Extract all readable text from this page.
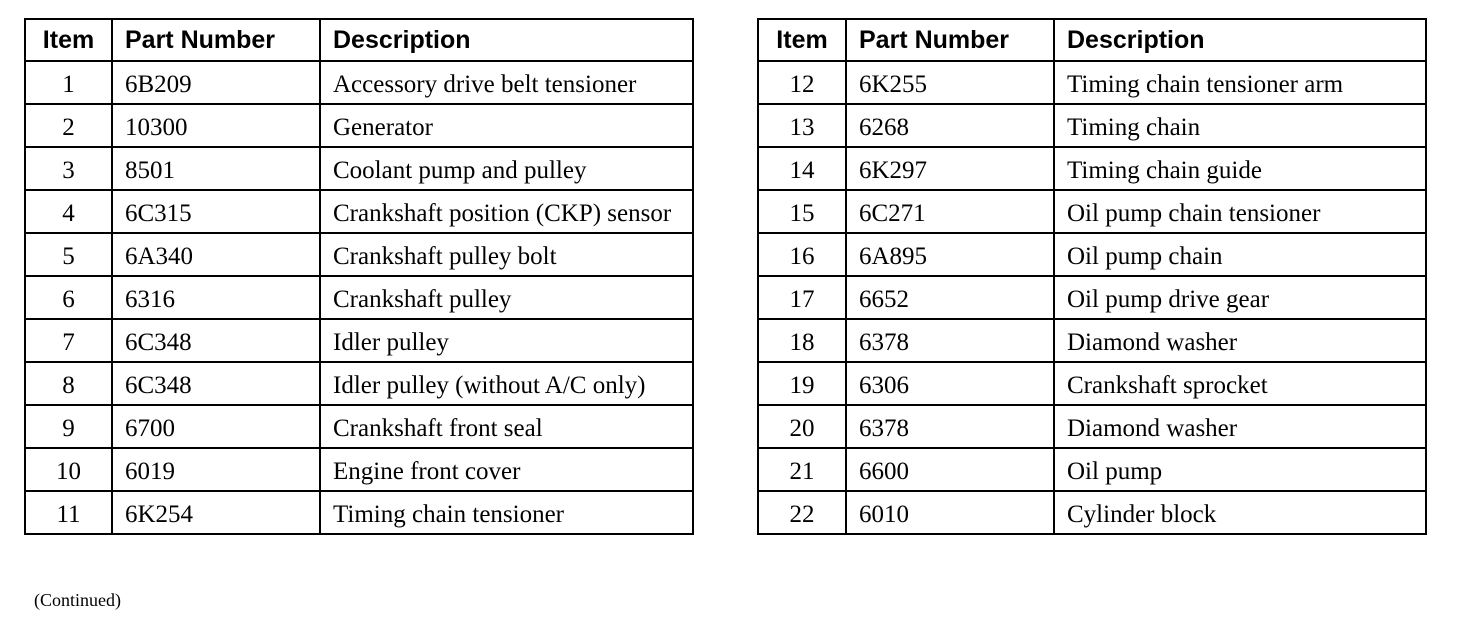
Item	Part Number	Description
1	6B209	Accessory drive belt tensioner
2	10300	Generator
3	8501	Coolant pump and pulley
4	6C315	Crankshaft position (CKP) sensor
5	6A340	Crankshaft pulley bolt
6	6316	Crankshaft pulley
7	6C348	Idler pulley
8	6C348	Idler pulley (without A/C only)
9	6700	Crankshaft front seal
10	6019	Engine front cover
11	6K254	Timing chain tensioner
Item	Part Number	Description
12	6K255	Timing chain tensioner arm
13	6268	Timing chain
14	6K297	Timing chain guide
15	6C271	Oil pump chain tensioner
16	6A895	Oil pump chain
17	6652	Oil pump drive gear
18	6378	Diamond washer
19	6306	Crankshaft sprocket
20	6378	Diamond washer
21	6600	Oil pump
22	6010	Cylinder block
(Continued)
